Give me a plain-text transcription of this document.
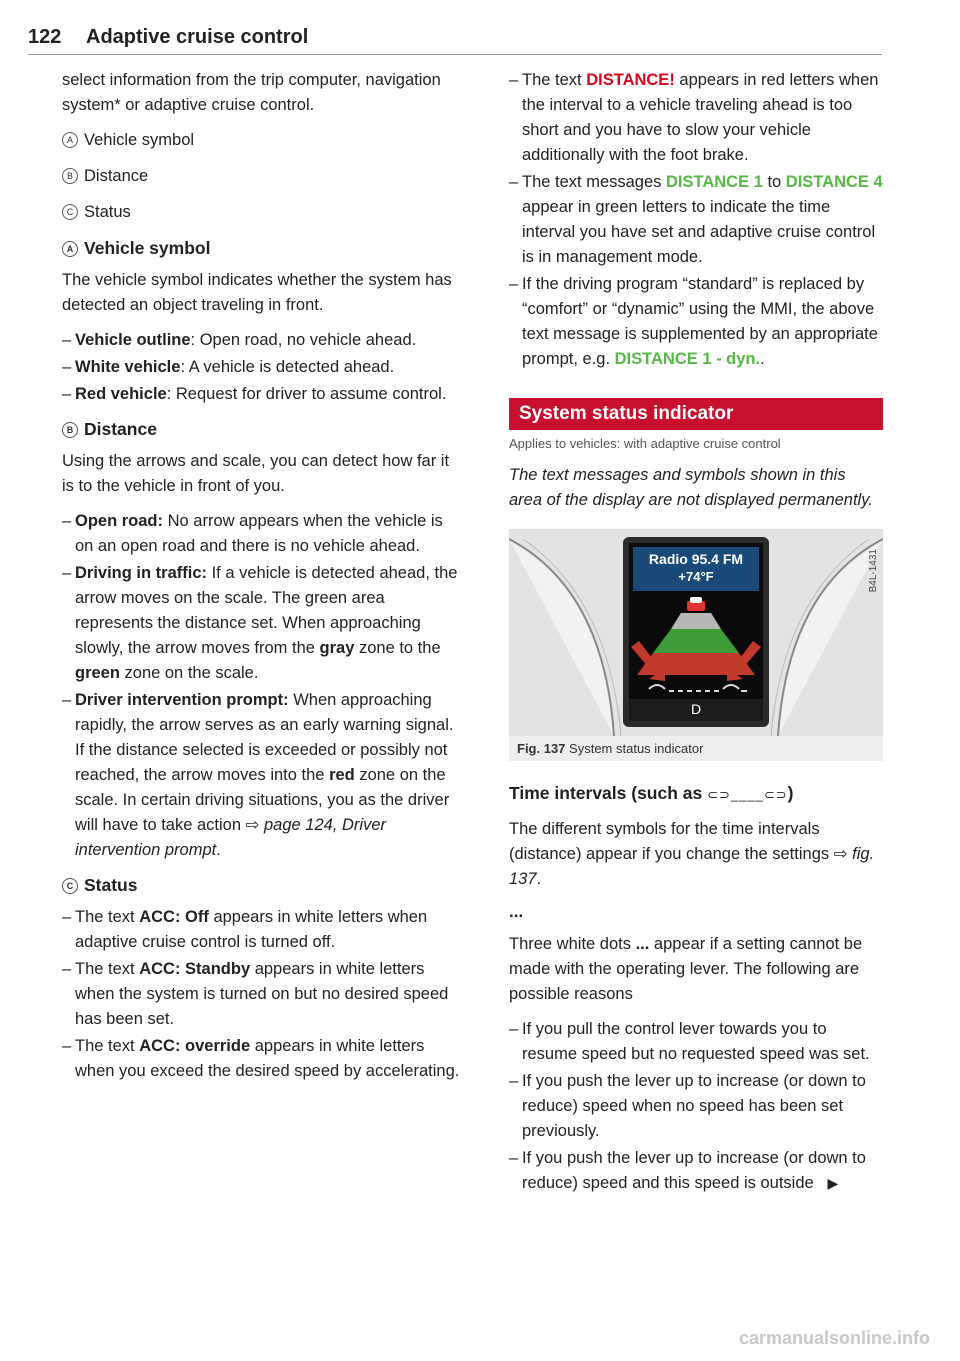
122 Adaptive cruise control

select information from the trip computer, navigation system* or adaptive cruise control.

A Vehicle symbol
B Distance
C Status
A Vehicle symbol

The vehicle symbol indicates whether the system has detected an object traveling in front.

– Vehicle outline: Open road, no vehicle ahead.
– White vehicle: A vehicle is detected ahead.
– Red vehicle: Request for driver to assume control.
B Distance

Using the arrows and scale, you can detect how far it is to the vehicle in front of you.

– Open road: No arrow appears when the vehicle is on an open road and there is no vehicle ahead.
– Driving in traffic: If a vehicle is detected ahead, the arrow moves on the scale. The green area represents the distance set. When approaching slowly, the arrow moves from the gray zone to the green zone on the scale.
– Driver intervention prompt: When approaching rapidly, the arrow serves as an early warning signal. If the distance selected is exceeded or possibly not reached, the arrow moves into the red zone on the scale. In certain driving situations, you as the driver will have to take action ⇨ page 124, Driver intervention prompt.
C Status
– The text ACC: Off appears in white letters when adaptive cruise control is turned off.
– The text ACC: Standby appears in white letters when the system is turned on but no desired speed has been set.
– The text ACC: override appears in white letters when you exceed the desired speed by accelerating.
– The text DISTANCE! appears in red letters when the interval to a vehicle traveling ahead is too short and you have to slow your vehicle additionally with the foot brake.
– The text messages DISTANCE 1 to DISTANCE 4 appear in green letters to indicate the time interval you have set and adaptive cruise control is in management mode.
– If the driving program “standard” is replaced by “comfort” or “dynamic” using the MMI, the above text message is supplemented by an appropriate prompt, e.g. DISTANCE 1 - dyn..
System status indicator
Applies to vehicles: with adaptive cruise control
The text messages and symbols shown in this area of the display are not displayed permanently.
Radio 95.4 FM
+74°F
D
B4L-1431
Fig. 137 System status indicator
Time intervals (such as ⊂⊃____⊂⊃)

The different symbols for the time intervals (distance) appear if you change the settings ⇨ fig. 137.

...

Three white dots ... appear if a setting cannot be made with the operating lever. The following are possible reasons

– If you pull the control lever towards you to resume speed but no requested speed was set.
– If you push the lever up to increase (or down to reduce) speed when no speed has been set previously.
– If you push the lever up to increase (or down to reduce) speed and this speed is outside ▶
carmanualsonline.info
